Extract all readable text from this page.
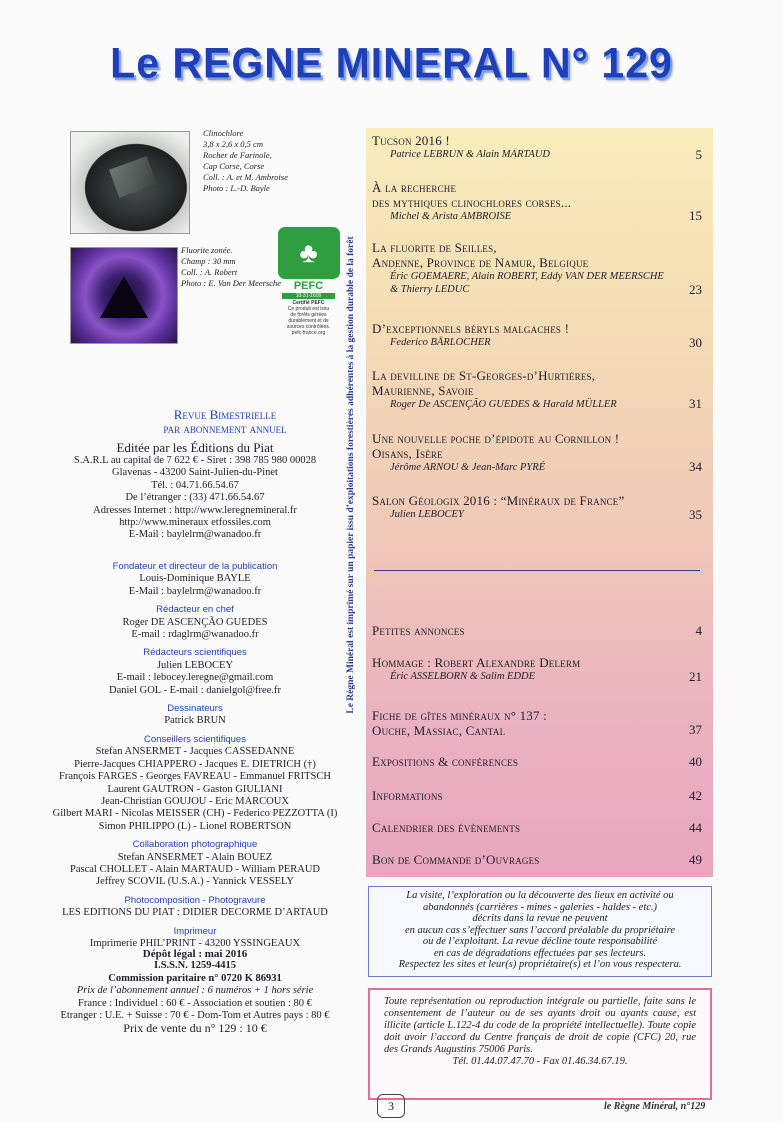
Le REGNE MINERAL N° 129
Clinochlore
3,8 x 2,6 x 0,5 cm
Rocher de Farinole,
Cap Corse, Corse
Coll. : A. et M. Ambroise
Photo : L.-D. Bayle
Fluorite zonée.
Champ : 30 mm
Coll. : A. Robert
Photo : E. Van Der Meersche
♣
PEFC
10-31-1609
Certifié PEFC
Ce produit est issu
de forêts gérées
durablement et de
sources contrôlées.
pefc-france.org
Revue Bimestrielle
par abonnement annuel
Editée par les Éditions du Piat
S.A.R.L au capital de 7 622 € - Siret : 398 785 980 00028
Glavenas - 43200 Saint-Julien-du-Pinet
Tél. : 04.71.66.54.67
De l’étranger : (33) 471.66.54.67
Adresses Internet : http://www.leregnemineral.fr
http://www.mineraux etfossiles.com
E-Mail : baylelrm@wanadoo.fr
Fondateur et directeur de la publication
Louis-Dominique BAYLE
E-Mail : baylelrm@wanadoo.fr
Rédacteur en chef
Roger DE ASCENÇÃO GUEDES
E-mail : rdaglrm@wanadoo.fr
Rédacteurs scientifiques
Julien LEBOCEY
E-mail : lebocey.leregne@gmail.com
Daniel GOL - E-mail : danielgol@free.fr
Dessinateurs
Patrick BRUN
Conseillers scientifiques
Stefan ANSERMET - Jacques CASSEDANNE
Pierre-Jacques CHIAPPERO - Jacques E. DIETRICH (†)
François FARGES - Georges FAVREAU - Emmanuel FRITSCH
Laurent GAUTRON - Gaston GIULIANI
Jean-Christian GOUJOU - Eric MARCOUX
Gilbert MARI - Nicolas MEISSER (CH) - Federico PEZZOTTA (I)
Simon PHILIPPO (L) - Lionel ROBERTSON
Collaboration photographique
Stefan ANSERMET - Alain BOUEZ
Pascal CHOLLET - Alain MARTAUD - William PERAUD
Jeffrey SCOVIL (U.S.A.) - Yannick VESSELY
Photocomposition - Photogravure
LES EDITIONS DU PIAT : DIDIER DECORME D’ARTAUD
Imprimeur
Imprimerie PHIL’PRINT - 43200 YSSINGEAUX
Dépôt légal : mai 2016
I.S.S.N. 1259-4415
Commission paritaire n° 0720 K 86931
Prix de l’abonnement annuel : 6 numéros + 1 hors série
France : Individuel : 60 € - Association et soutien : 80 €
Etranger : U.E. + Suisse : 70 € - Dom-Tom et Autres pays : 80 €
Prix de vente du n° 129 : 10 €
Le Règne Minéral est imprimé sur un papier issu d’exploitations forestières adhérentes à la gestion durable de la forêt
Tucson 2016 !
Patrice LEBRUN & Alain MARTAUD	5
À la recherche
des mythiques clinochlores corses...
Michel & Arista AMBROISE	15
La fluorite de Seilles,
Andenne, Province de Namur, Belgique
Éric GOEMAERE, Alain ROBERT, Eddy VAN DER MEERSCHE
& Thierry LEDUC	23
D’exceptionnels béryls malgaches !
Federico BÄRLOCHER	30
La devilline de St-Georges-d’Hurtières,
Maurienne, Savoie
Roger De ASCENÇÃO GUEDES & Harald MÜLLER	31
Une nouvelle poche d’épidote au Cornillon !
Oisans, Isère
Jérôme ARNOU & Jean-Marc PYRÉ	34
Salon Géologix 2016 : “Minéraux de France”
Julien LEBOCEY	35
Petites annonces	4
Hommage : Robert Alexandre Delerm
Éric ASSELBORN & Salim EDDE	21
Fiche de gîtes minéraux n° 137 :
Ouche, Massiac, Cantal	37
Expositions & conférences	40
Informations	42
Calendrier des évènements	44
Bon de Commande d’Ouvrages	49
La visite, l’exploration ou la découverte des lieux en activité ou
abandonnés (carrières - mines - galeries - haldes - etc.)
décrits dans la revue ne peuvent
en aucun cas s’effectuer sans l’accord préalable du propriétaire
ou de l’exploitant. La revue décline toute responsabilité
en cas de dégradations effectuées par ses lecteurs.
Respectez les sites et leur(s) propriétaire(s) et l’on vous respectera.
Toute représentation ou reproduction intégrale ou partielle, faite sans le consentement de l’auteur ou de ses ayants droit ou ayants cause, est illicite (article L.122-4 du code de la propriété intellectuelle). Toute copie doit avoir l’accord du Centre français de droit de copie (CFC) 20, rue des Grands Augustins 75006 Paris.
Tél. 01.44.07.47.70 - Fax 01.46.34.67.19.
3	le Règne Minéral, n°129
